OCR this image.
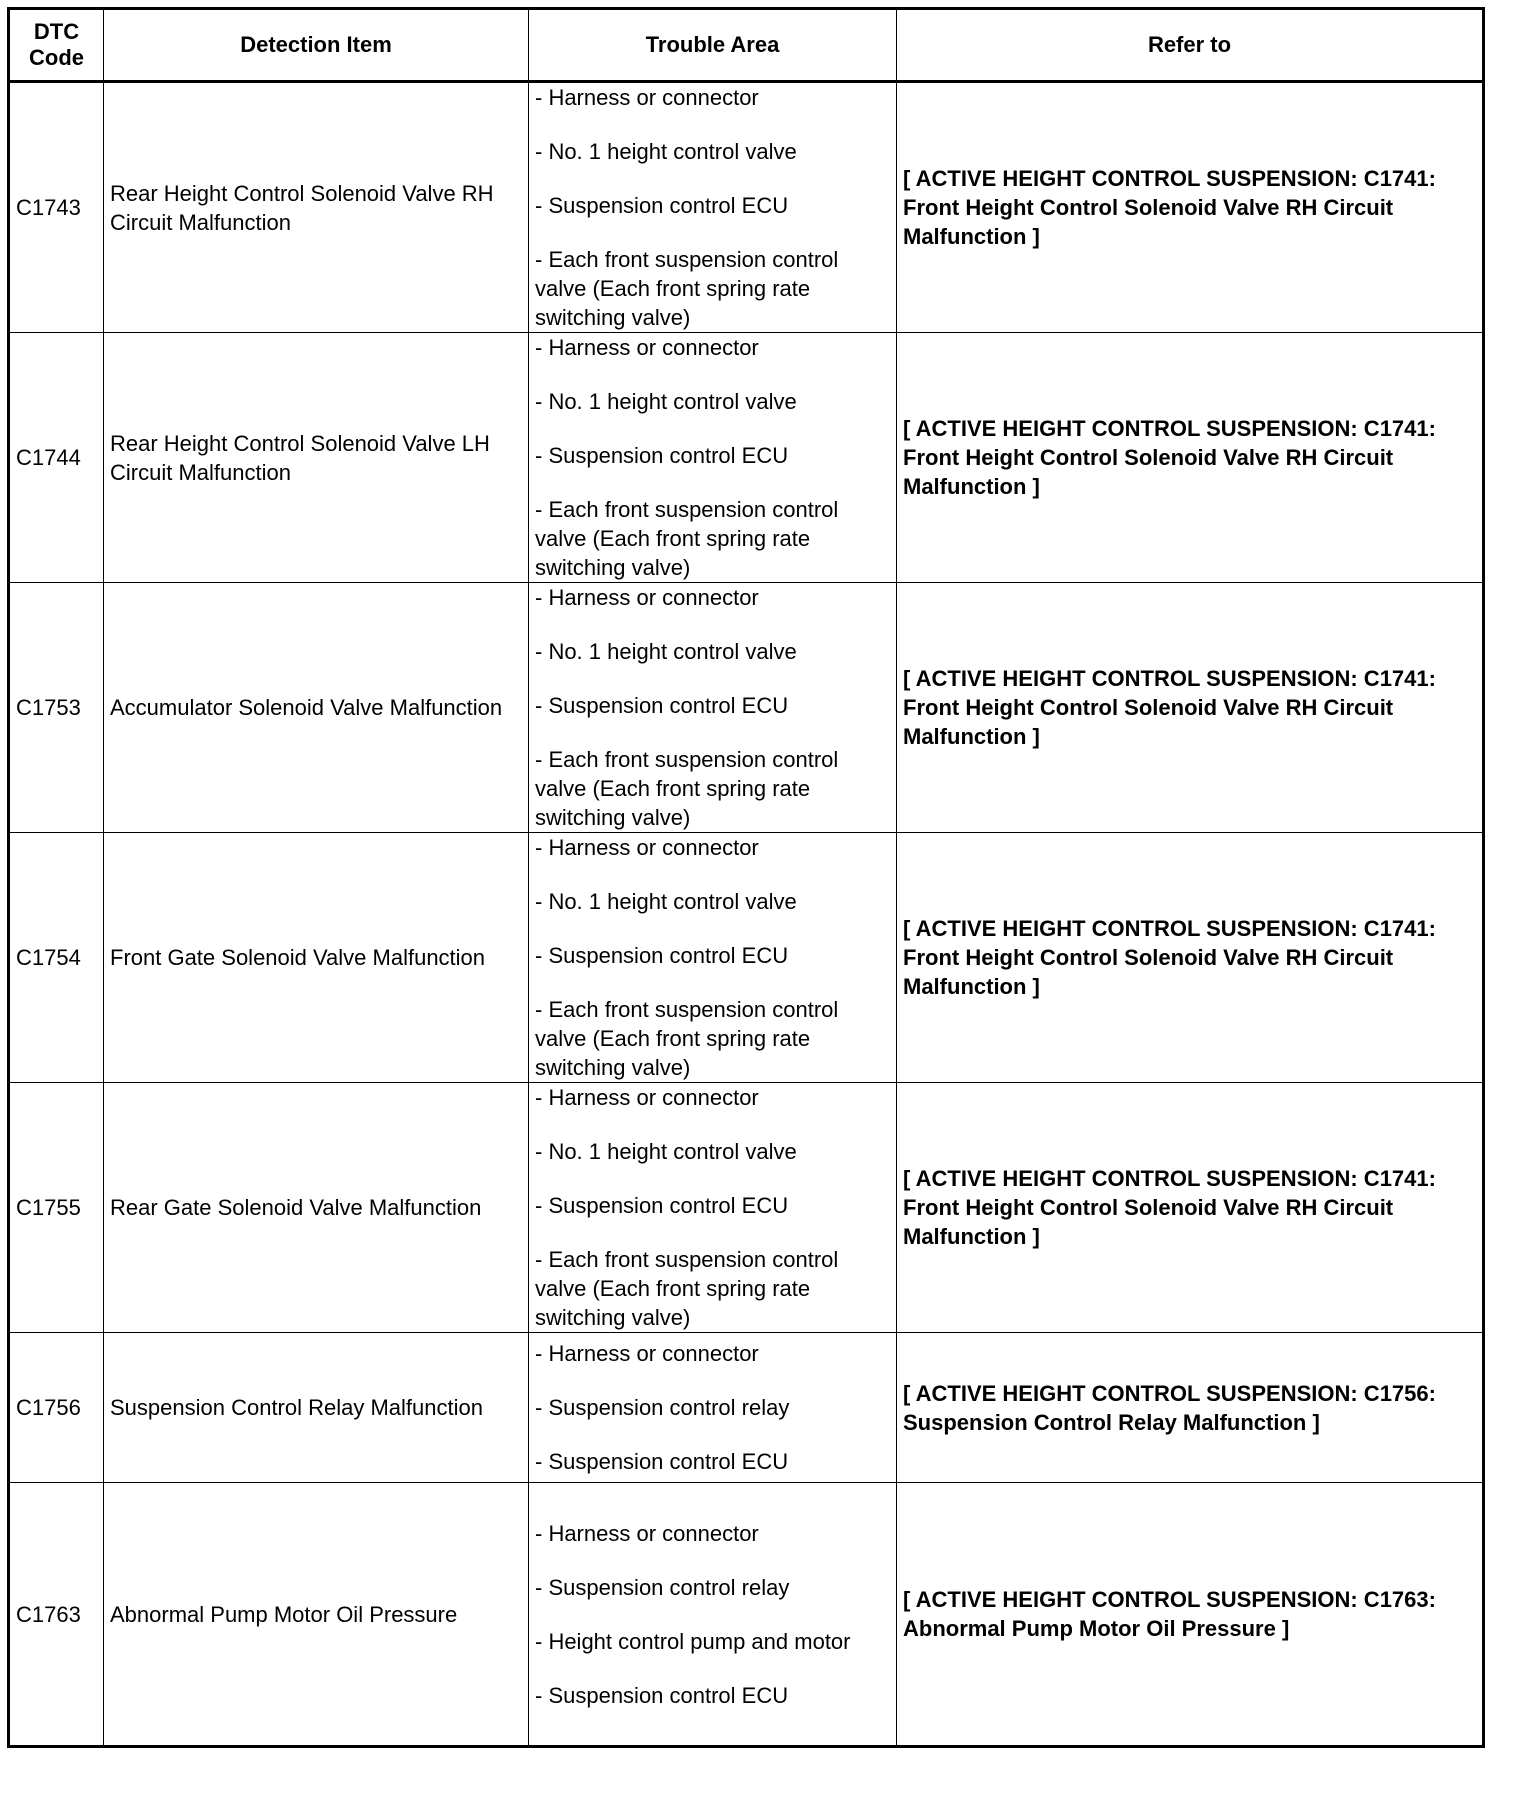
DTC
Code	Detection Item	Trouble Area	Refer to
C1743	Rear Height Control Solenoid Valve RH Circuit Malfunction	- Harness or connector
- No. 1 height control valve
- Suspension control ECU
- Each front suspension control valve (Each front spring rate switching valve)	[ ACTIVE HEIGHT CONTROL SUSPENSION: C1741: Front Height Control Solenoid Valve RH Circuit Malfunction ]
C1744	Rear Height Control Solenoid Valve LH Circuit Malfunction	- Harness or connector
- No. 1 height control valve
- Suspension control ECU
- Each front suspension control valve (Each front spring rate switching valve)	[ ACTIVE HEIGHT CONTROL SUSPENSION: C1741: Front Height Control Solenoid Valve RH Circuit Malfunction ]
C1753	Accumulator Solenoid Valve Malfunction	- Harness or connector
- No. 1 height control valve
- Suspension control ECU
- Each front suspension control valve (Each front spring rate switching valve)	[ ACTIVE HEIGHT CONTROL SUSPENSION: C1741: Front Height Control Solenoid Valve RH Circuit Malfunction ]
C1754	Front Gate Solenoid Valve Malfunction	- Harness or connector
- No. 1 height control valve
- Suspension control ECU
- Each front suspension control valve (Each front spring rate switching valve)	[ ACTIVE HEIGHT CONTROL SUSPENSION: C1741: Front Height Control Solenoid Valve RH Circuit Malfunction ]
C1755	Rear Gate Solenoid Valve Malfunction	- Harness or connector
- No. 1 height control valve
- Suspension control ECU
- Each front suspension control valve (Each front spring rate switching valve)	[ ACTIVE HEIGHT CONTROL SUSPENSION: C1741: Front Height Control Solenoid Valve RH Circuit Malfunction ]
C1756	Suspension Control Relay Malfunction	- Harness or connector
- Suspension control relay
- Suspension control ECU	[ ACTIVE HEIGHT CONTROL SUSPENSION: C1756: Suspension Control Relay Malfunction ]
C1763	Abnormal Pump Motor Oil Pressure	- Harness or connector
- Suspension control relay
- Height control pump and motor
- Suspension control ECU	[ ACTIVE HEIGHT CONTROL SUSPENSION: C1763: Abnormal Pump Motor Oil Pressure ]
